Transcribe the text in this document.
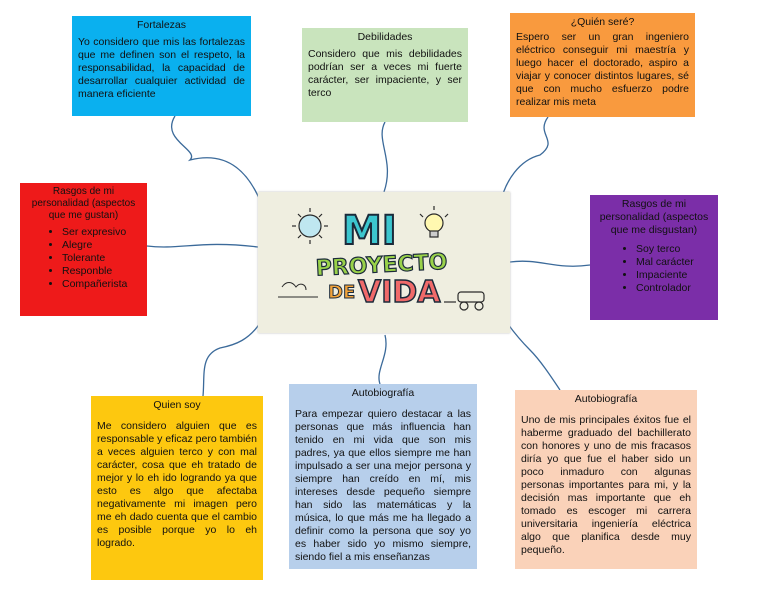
MI
PROYECTO
DE VIDA
Fortalezas
Yo considero que mis las fortalezas que me definen son el respeto, la responsabilidad, la capacidad de desarrollar cualquier actividad de manera eficiente
Debilidades
Considero que mis debilidades podrían ser a veces mi fuerte carácter, ser impaciente, y ser terco
¿Quién seré?
Espero ser un gran ingeniero eléctrico conseguir mi maestría y luego hacer el doctorado, aspiro a viajar y conocer distintos lugares, sé que con mucho esfuerzo podre realizar mis meta
Rasgos de mi personalidad (aspectos que me gustan)
• Ser expresivo
• Alegre
• Tolerante
• Responble
• Compañerista
Rasgos de mi personalidad (aspectos que me disgustan)
• Soy terco
• Mal carácter
• Impaciente
• Controlador
Quien soy
Me considero alguien que es responsable y eficaz pero también a veces alguien terco y con mal carácter, cosa que eh tratado de mejor y lo eh ido logrando ya que esto es algo que afectaba negativamente mi imagen pero me eh dado cuenta que el cambio es posible porque yo lo eh logrado.
Autobiografía
Para empezar quiero destacar a las personas que más influencia han tenido en mi vida que son mis padres, ya que ellos siempre me han impulsado a ser una mejor persona y siempre han creído en mí, mis intereses desde pequeño siempre han sido las matemáticas y la música, lo que más me ha llegado a definir como la persona que soy yo es haber sido yo mismo siempre, siendo fiel a mis enseñanzas
Autobiografía
Uno de mis principales éxitos fue el haberme graduado del bachillerato con honores y uno de mis fracasos diría yo que fue el haber sido un poco inmaduro con algunas personas importantes para mi, y la decisión mas importante que eh tomado es escoger mi carrera universitaria ingeniería eléctrica algo que planifica desde muy pequeño.
